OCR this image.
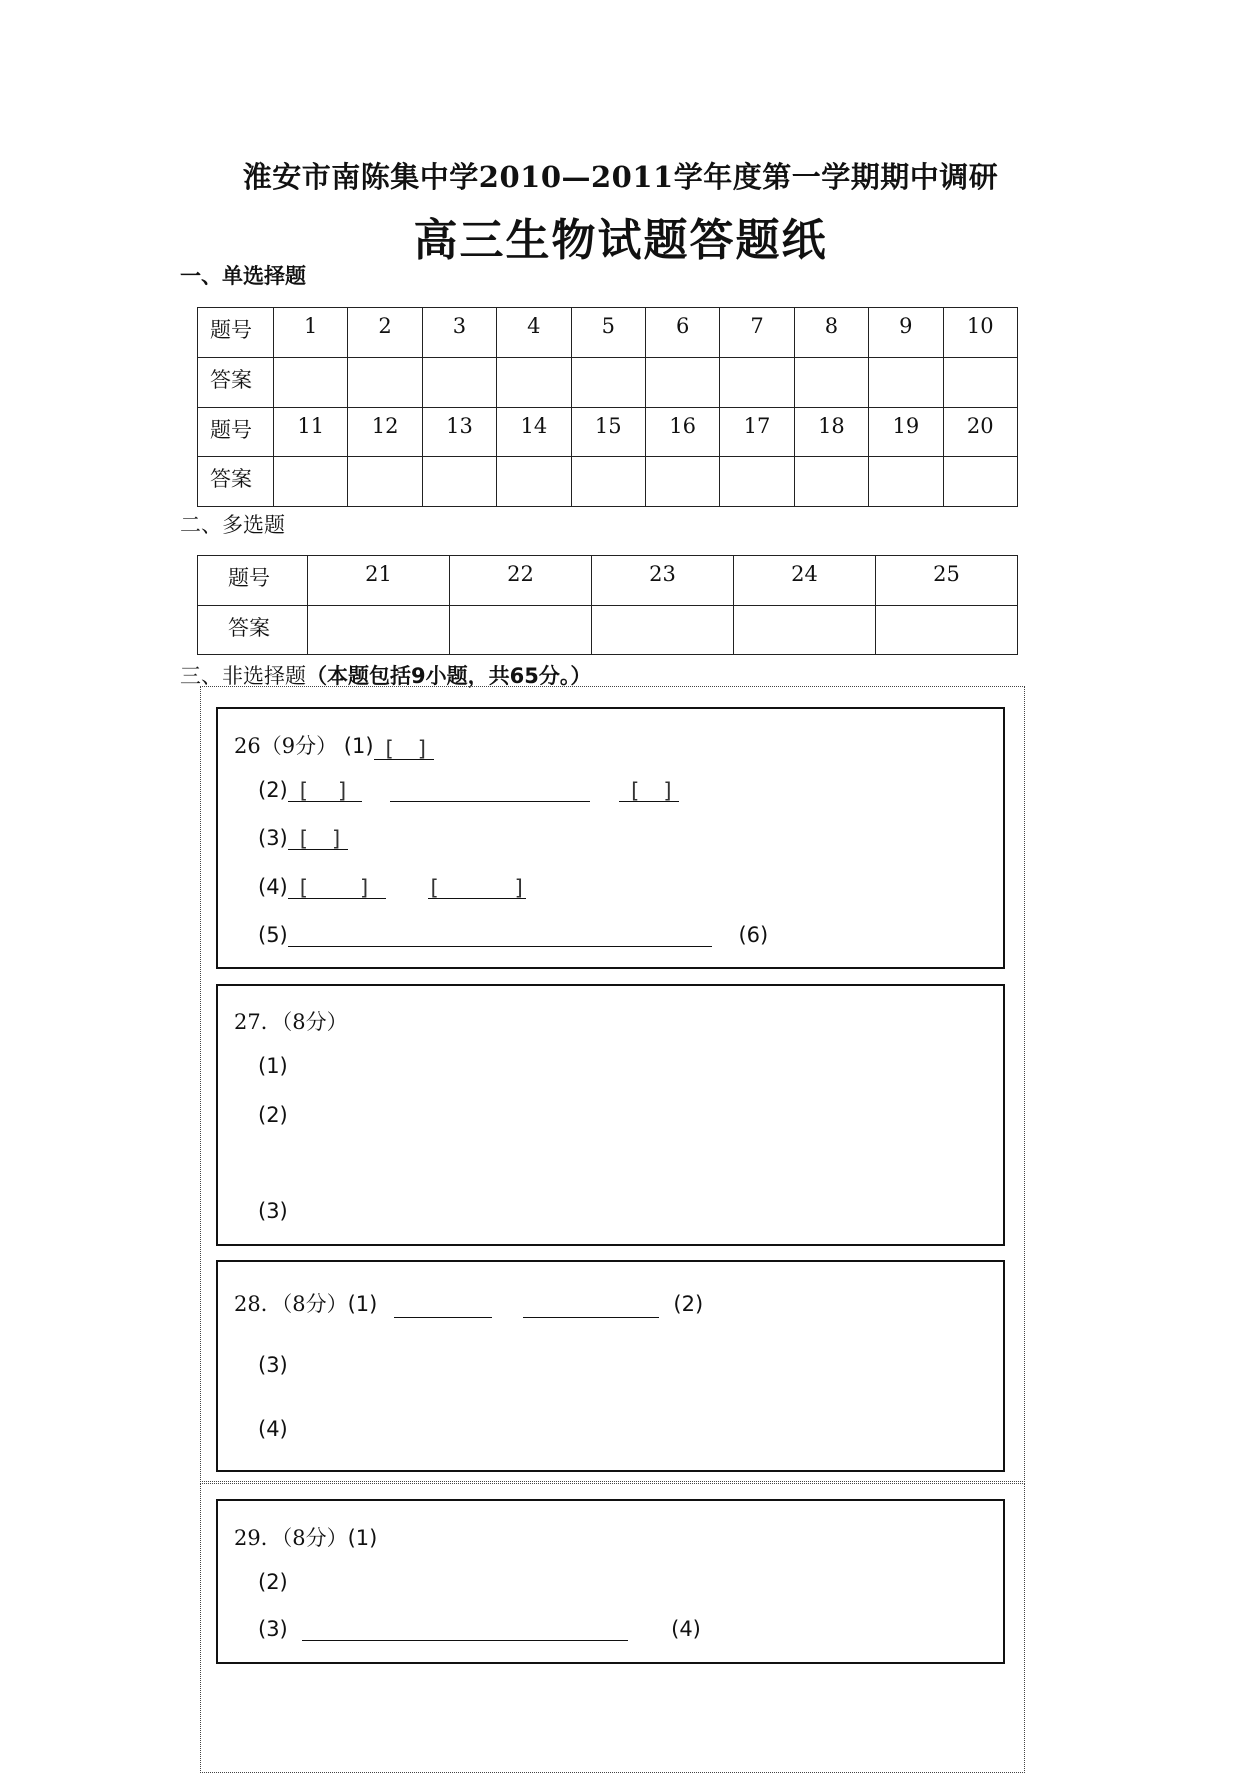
淮安市南陈集中学2010—2011学年度第一学期期中调研
高三生物试题答题纸
一、单选择题
题号	1	2	3	4	5	6	7	8	9	10
答案										
题号	11	12	13	14	15	16	17	18	19	20
答案										
二、多选题
题号	21	22	23	24	25
答案					
三、非选择题（本题包括9小题，共65分。）
26（9分） (1) [ ]
(2) [ ]	[ ]
(3) [ ]
(4) [ ]	[	]
(5)	(6)
27．（8分）
(1)
(2)
(3)
28．（8分）(1)	(2)
(3)
(4)
29．（8分）(1)
(2)
(3)	(4)
